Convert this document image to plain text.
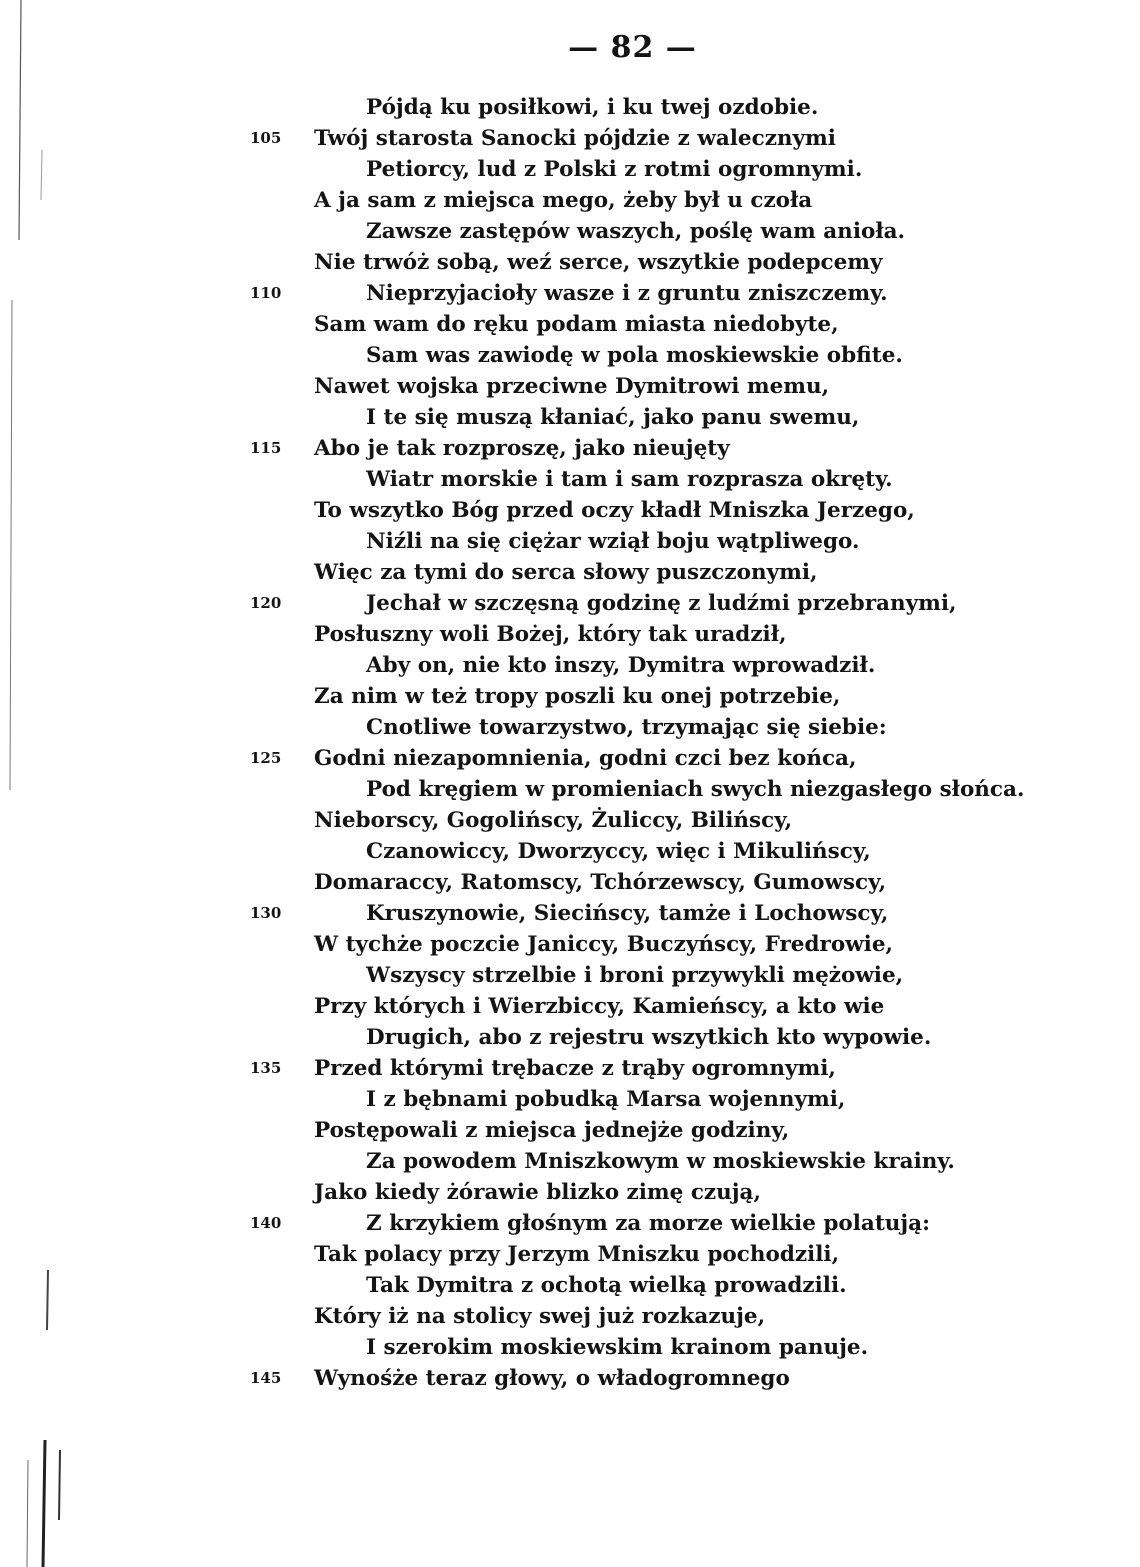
— 82 —
Pójdą ku posiłkowi, i ku twej ozdobie.
105	Twój starosta Sanocki pójdzie z walecznymi
Petiorcy, lud z Polski z rotmi ogromnymi.
A ja sam z miejsca mego, żeby był u czoła
Zawsze zastępów waszych, poślę wam anioła.
Nie trwóż sobą, weź serce, wszytkie podepcemy
110	Nieprzyjacioły wasze i z gruntu zniszczemy.
Sam wam do ręku podam miasta niedobyte,
Sam was zawiodę w pola moskiewskie obfite.
Nawet wojska przeciwne Dymitrowi memu,
I te się muszą kłaniać, jako panu swemu,
115	Abo je tak rozproszę, jako nieujęty
Wiatr morskie i tam i sam rozprasza okręty.
To wszytko Bóg przed oczy kładł Mniszka Jerzego,
Niźli na się ciężar wziął boju wątpliwego.
Więc za tymi do serca słowy puszczonymi,
120	Jechał w szczęsną godzinę z ludźmi przebranymi,
Posłuszny woli Bożej, który tak uradził,
Aby on, nie kto inszy, Dymitra wprowadził.
Za nim w też tropy poszli ku onej potrzebie,
Cnotliwe towarzystwo, trzymając się siebie:
125	Godni niezapomnienia, godni czci bez końca,
Pod kręgiem w promieniach swych niezgasłego słońca.
Nieborscy, Gogolińscy, Żuliccy, Bilińscy,
Czanowiccy, Dworzyccy, więc i Mikulińscy,
Domaraccy, Ratomscy, Tchórzewscy, Gumowscy,
130	Kruszynowie, Siecińscy, tamże i Lochowscy,
W tychże poczcie Janiccy, Buczyńscy, Fredrowie,
Wszyscy strzelbie i broni przywykli mężowie,
Przy których i Wierzbiccy, Kamieńscy, a kto wie
Drugich, abo z rejestru wszytkich kto wypowie.
135	Przed którymi trębacze z trąby ogromnymi,
I z bębnami pobudką Marsa wojennymi,
Postępowali z miejsca jednejże godziny,
Za powodem Mniszkowym w moskiewskie krainy.
Jako kiedy żórawie blizko zimę czują,
140	Z krzykiem głośnym za morze wielkie polatują:
Tak polacy przy Jerzym Mniszku pochodzili,
Tak Dymitra z ochotą wielką prowadzili.
Który iż na stolicy swej już rozkazuje,
I szerokim moskiewskim krainom panuje.
145	Wynośże teraz głowy, o władogromnego
